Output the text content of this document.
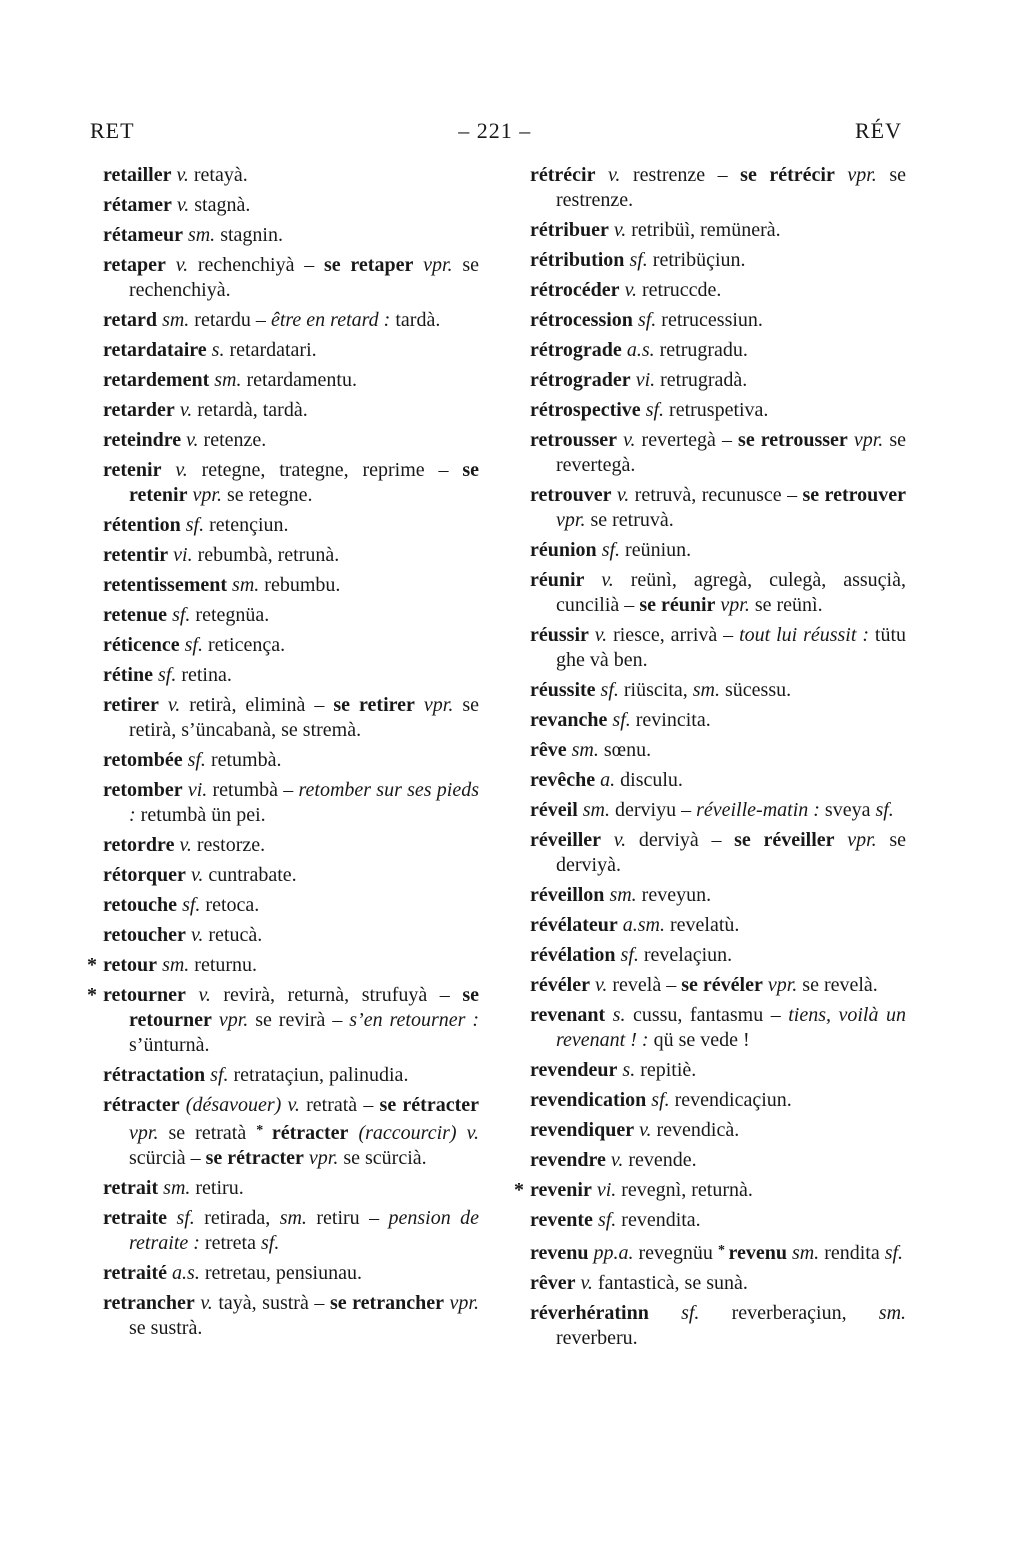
RET	– 221 –	RÉV

retailler v. retayà.

rétamer v. stagnà.

rétameur sm. stagnin.

retaper v. rechenchiyà – se retaper vpr. se rechenchiyà.

retard sm. retardu – être en retard : tardà.

retardataire s. retardatari.

retardement sm. retardamentu.

retarder v. retardà, tardà.

reteindre v. retenze.

retenir v. retegne, trategne, reprime – se retenir vpr. se retegne.

rétention sf. retençiun.

retentir vi. rebumbà, retrunà.

retentissement sm. rebumbu.

retenue sf. retegnüa.

réticence sf. reticença.

rétine sf. retina.

retirer v. retirà, eliminà – se retirer vpr. se retirà, s’üncabanà, se stremà.

retombée sf. retumbà.

retomber vi. retumbà – retomber sur ses pieds : retumbà ün pei.

retordre v. restorze.

rétorquer v. cuntrabate.

retouche sf. retoca.

retoucher v. retucà.

* retour sm. returnu.

* retourner v. revirà, returnà, strufuyà – se retourner vpr. se revirà – s’en retourner : s’ünturnà.

rétractation sf. retrataçiun, palinudia.

rétracter (désavouer) v. retratà – se rétracter vpr. se retratà * rétracter (raccourcir) v. scürcià – se rétracter vpr. se scürcià.

retrait sm. retiru.

retraite sf. retirada, sm. retiru – pension de retraite : retreta sf.

retraité a.s. retretau, pensiunau.

retrancher v. tayà, sustrà – se retrancher vpr. se sustrà.

rétrécir v. restrenze – se rétrécir vpr. se restrenze.

rétribuer v. retribüì, remünerà.

rétribution sf. retribüçiun.

rétrocéder v. retruccde.

rétrocession sf. retrucessiun.

rétrograde a.s. retrugradu.

rétrograder vi. retrugradà.

rétrospective sf. retruspetiva.

retrousser v. revertegà – se retrousser vpr. se revertegà.

retrouver v. retruvà, recunusce – se retrouver vpr. se retruvà.

réunion sf. reüniun.

réunir v. reünì, agregà, culegà, assuçià, cuncilià – se réunir vpr. se reünì.

réussir v. riesce, arrivà – tout lui réussit : tütu ghe và ben.

réussite sf. riüscita, sm. sücessu.

revanche sf. revincita.

rêve sm. sœnu.

revêche a. disculu.

réveil sm. derviyu – réveille-matin : sveya sf.

réveiller v. derviyà – se réveiller vpr. se derviyà.

réveillon sm. reveyun.

révélateur a.sm. revelatù.

révélation sf. revelaçiun.

révéler v. revelà – se révéler vpr. se revelà.

revenant s. cussu, fantasmu – tiens, voilà un revenant ! : qü se vede !

revendeur s. repitiè.

revendication sf. revendicaçiun.

revendiquer v. revendicà.

revendre v. revende.

* revenir vi. revegnì, returnà.

revente sf. revendita.

revenu pp.a. revegnüu * revenu sm. rendita sf.

rêver v. fantasticà, se sunà.

réverhératinn sf. reverberaçiun, sm. reverberu.
